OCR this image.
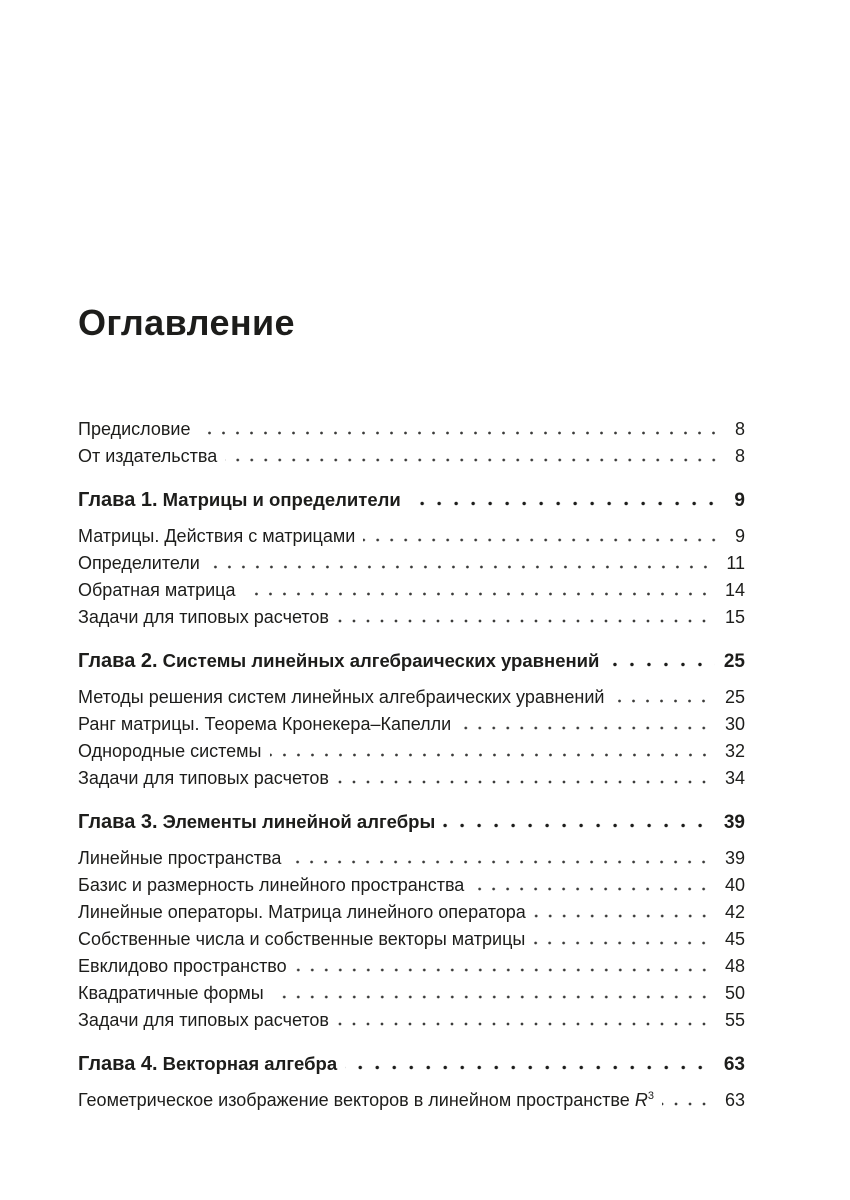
Оглавление
Предисловие	8
От издательства	8
Глава 1. Матрицы и определители	9
Матрицы. Действия с матрицами	9
Определители	11
Обратная матрица	14
Задачи для типовых расчетов	15
Глава 2. Системы линейных алгебраических уравнений	25
Методы решения систем линейных алгебраических уравнений	25
Ранг матрицы. Теорема Кронекера–Капелли	30
Однородные системы	32
Задачи для типовых расчетов	34
Глава 3. Элементы линейной алгебры	39
Линейные пространства	39
Базис и размерность линейного пространства	40
Линейные операторы. Матрица линейного оператора	42
Собственные числа и собственные векторы матрицы	45
Евклидово пространство	48
Квадратичные формы	50
Задачи для типовых расчетов	55
Глава 4. Векторная алгебра	63
Геометрическое изображение векторов в линейном пространстве $R^3$	63
